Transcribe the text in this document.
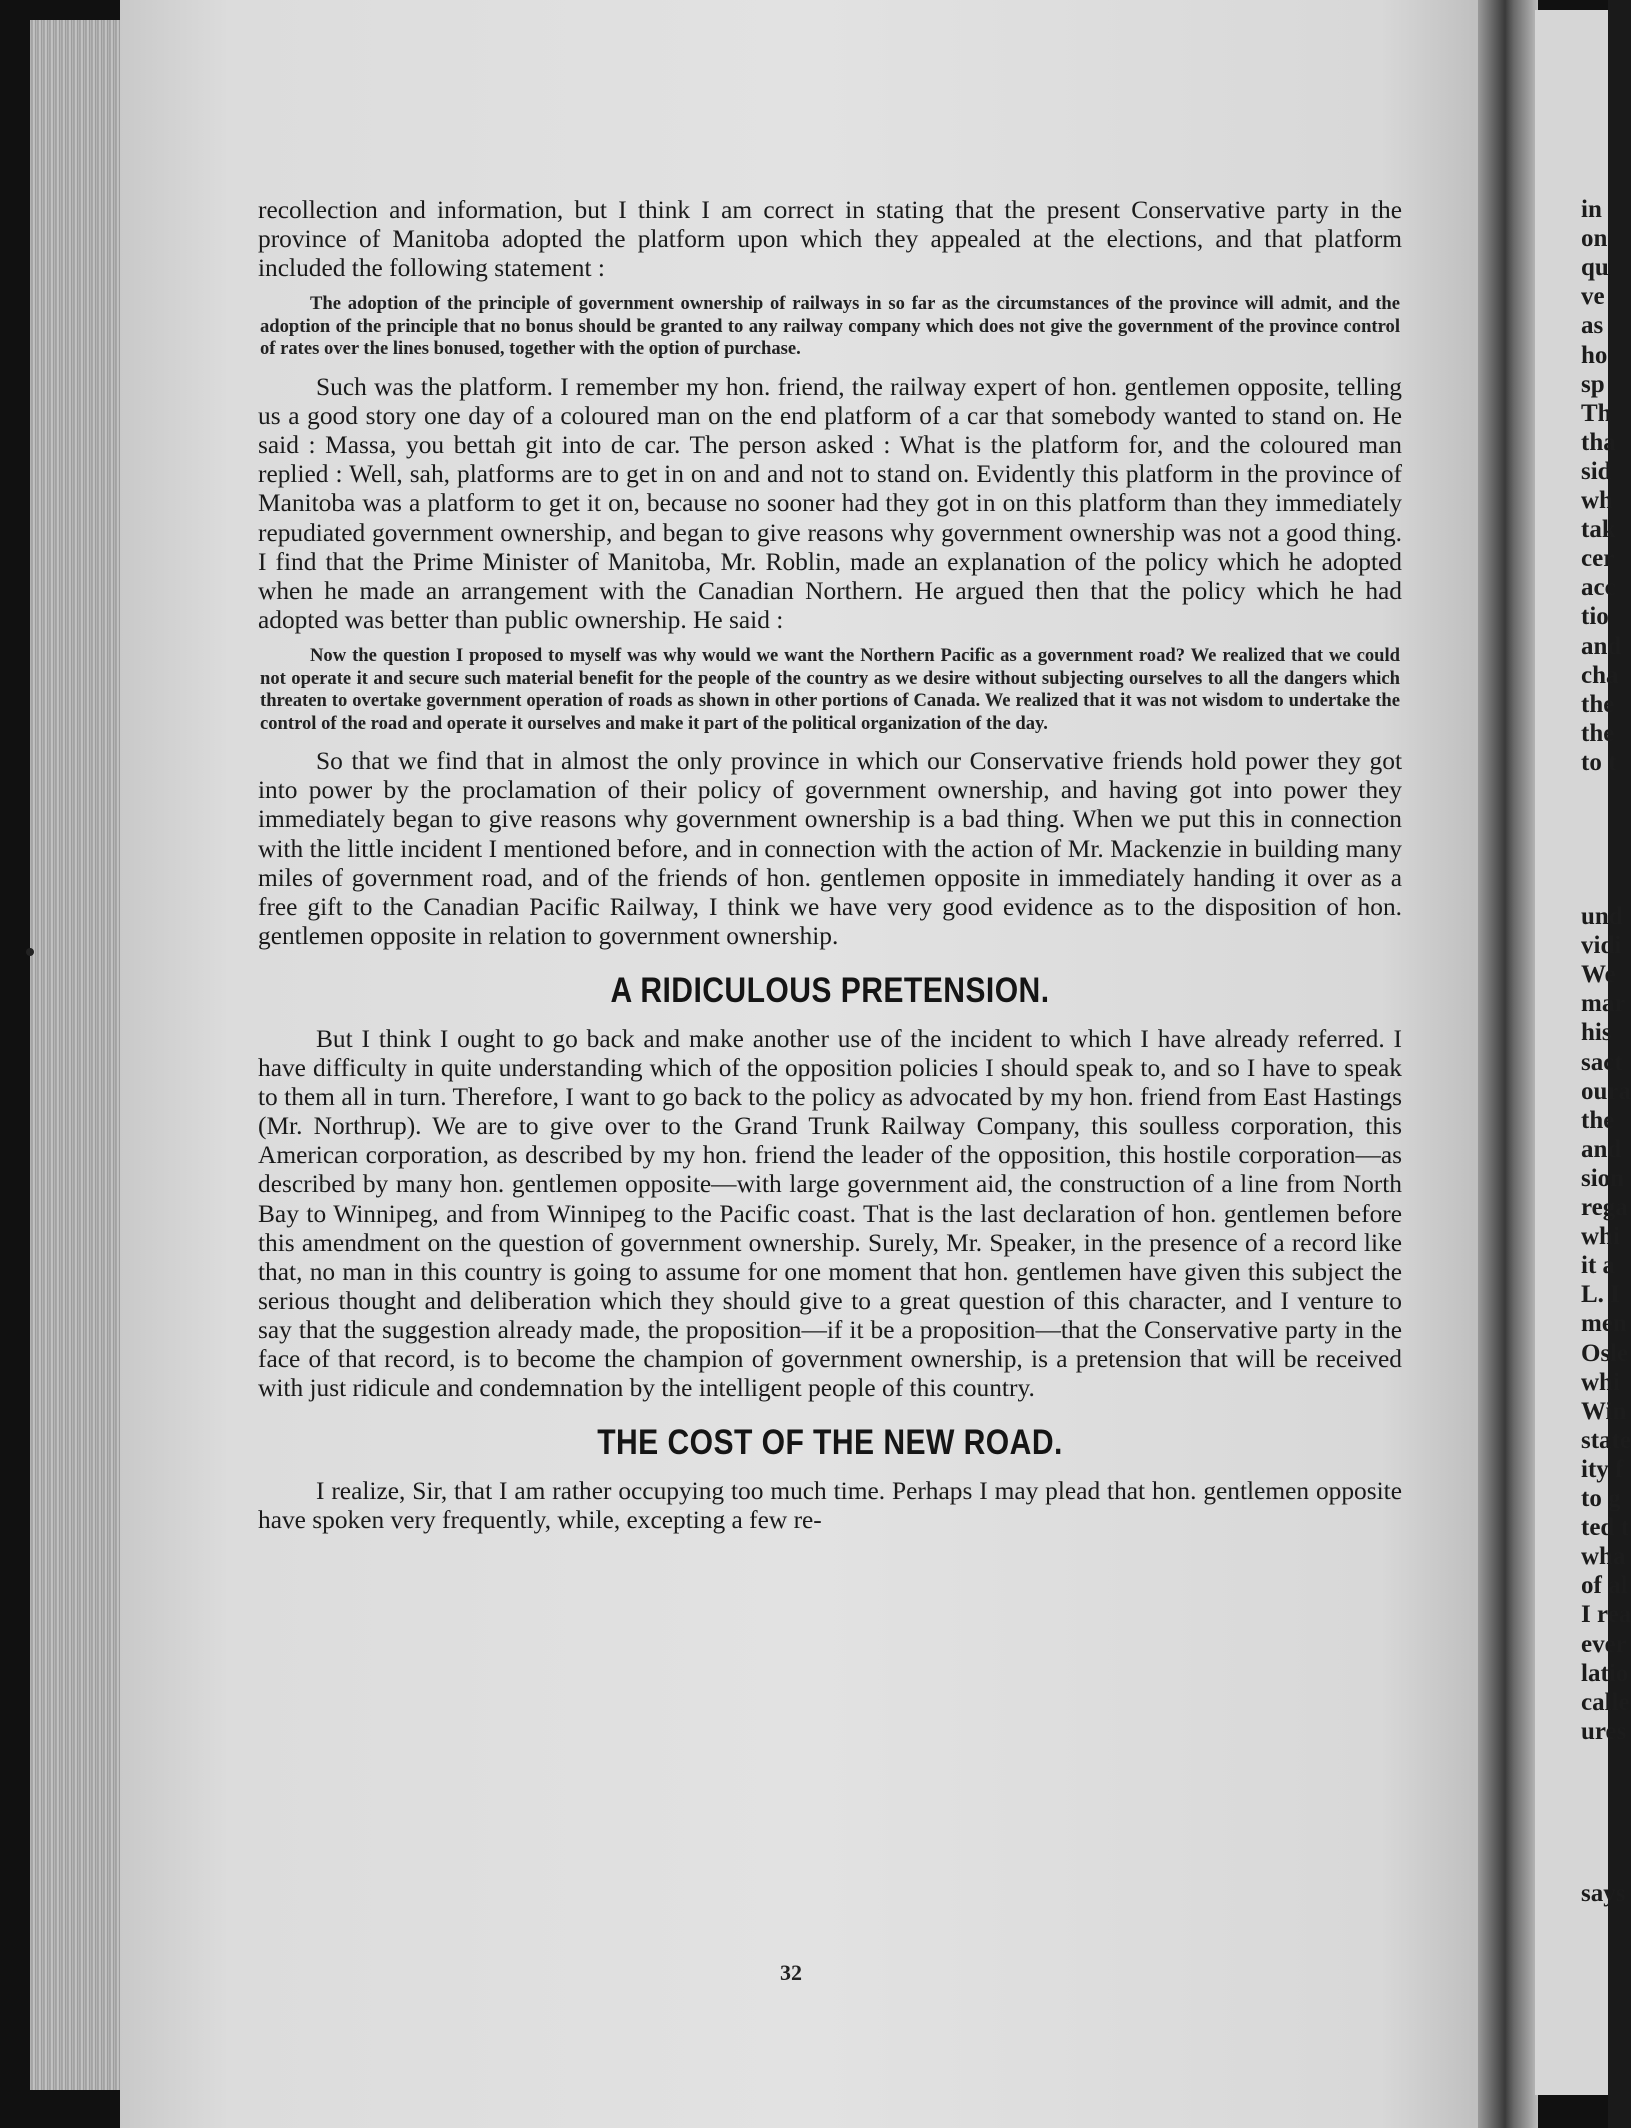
recollection and information, but I think I am correct in stating that the present Conservative party in the province of Manitoba adopted the platform upon which they appealed at the elections, and that platform included the following statement :

The adoption of the principle of government ownership of railways in so far as the circumstances of the province will admit, and the adoption of the principle that no bonus should be granted to any railway company which does not give the government of the province control of rates over the lines bonused, together with the option of purchase.

Such was the platform. I remember my hon. friend, the railway expert of hon. gentlemen opposite, telling us a good story one day of a coloured man on the end platform of a car that somebody wanted to stand on. He said : Massa, you bettah git into de car. The person asked : What is the platform for, and the coloured man replied : Well, sah, platforms are to get in on and and not to stand on. Evidently this platform in the province of Manitoba was a platform to get it on, because no sooner had they got in on this platform than they immediately repudiated government ownership, and began to give reasons why government ownership was not a good thing. I find that the Prime Minister of Manitoba, Mr. Roblin, made an explanation of the policy which he adopted when he made an arrangement with the Canadian Northern. He argued then that the policy which he had adopted was better than public ownership. He said :

Now the question I proposed to myself was why would we want the Northern Pacific as a government road? We realized that we could not operate it and secure such material benefit for the people of the country as we desire without subjecting ourselves to all the dangers which threaten to overtake government operation of roads as shown in other portions of Canada. We realized that it was not wisdom to undertake the control of the road and operate it ourselves and make it part of the political organization of the day.

So that we find that in almost the only province in which our Conservative friends hold power they got into power by the proclamation of their policy of government ownership, and having got into power they immediately began to give reasons why government ownership is a bad thing. When we put this in connection with the little incident I mentioned before, and in connection with the action of Mr. Mackenzie in building many miles of government road, and of the friends of hon. gentlemen opposite in immediately handing it over as a free gift to the Canadian Pacific Railway, I think we have very good evidence as to the disposition of hon. gentlemen opposite in relation to government ownership.

A RIDICULOUS PRETENSION.

But I think I ought to go back and make another use of the incident to which I have already referred. I have difficulty in quite understanding which of the opposition policies I should speak to, and so I have to speak to them all in turn. Therefore, I want to go back to the policy as advocated by my hon. friend from East Hastings (Mr. Northrup). We are to give over to the Grand Trunk Railway Company, this soulless corporation, this American corporation, as described by my hon. friend the leader of the opposition, this hostile corporation—as described by many hon. gentlemen opposite—with large government aid, the construction of a line from North Bay to Winnipeg, and from Winnipeg to the Pacific coast. That is the last declaration of hon. gentlemen before this amendment on the question of government ownership. Surely, Mr. Speaker, in the presence of a record like that, no man in this country is going to assume for one moment that hon. gentlemen have given this subject the serious thought and deliberation which they should give to a great question of this character, and I venture to say that the suggestion already made, the proposition—if it be a proposition—that the Conservative party in the face of that record, is to become the champion of government ownership, is a pretension that will be received with just ridicule and condemnation by the intelligent people of this country.

THE COST OF THE NEW ROAD.

I realize, Sir, that I am rather occupying too much time. Perhaps I may plead that hon. gentlemen opposite have spoken very frequently, while, excepting a few re-

32
in
on
qu
ve
as
ho
sp
Th
tha
sid
wh
tak
cer
acc
tio
and
cha
the
the
to t
und
vidi
We
mar
his
sact
oura
the
and
sion
rega
whi
it a
L. I
men
Osle
whi
Win
state
ity f
to g
ted t
wha
of al
I rea
ever
latio
calle
ures
says
